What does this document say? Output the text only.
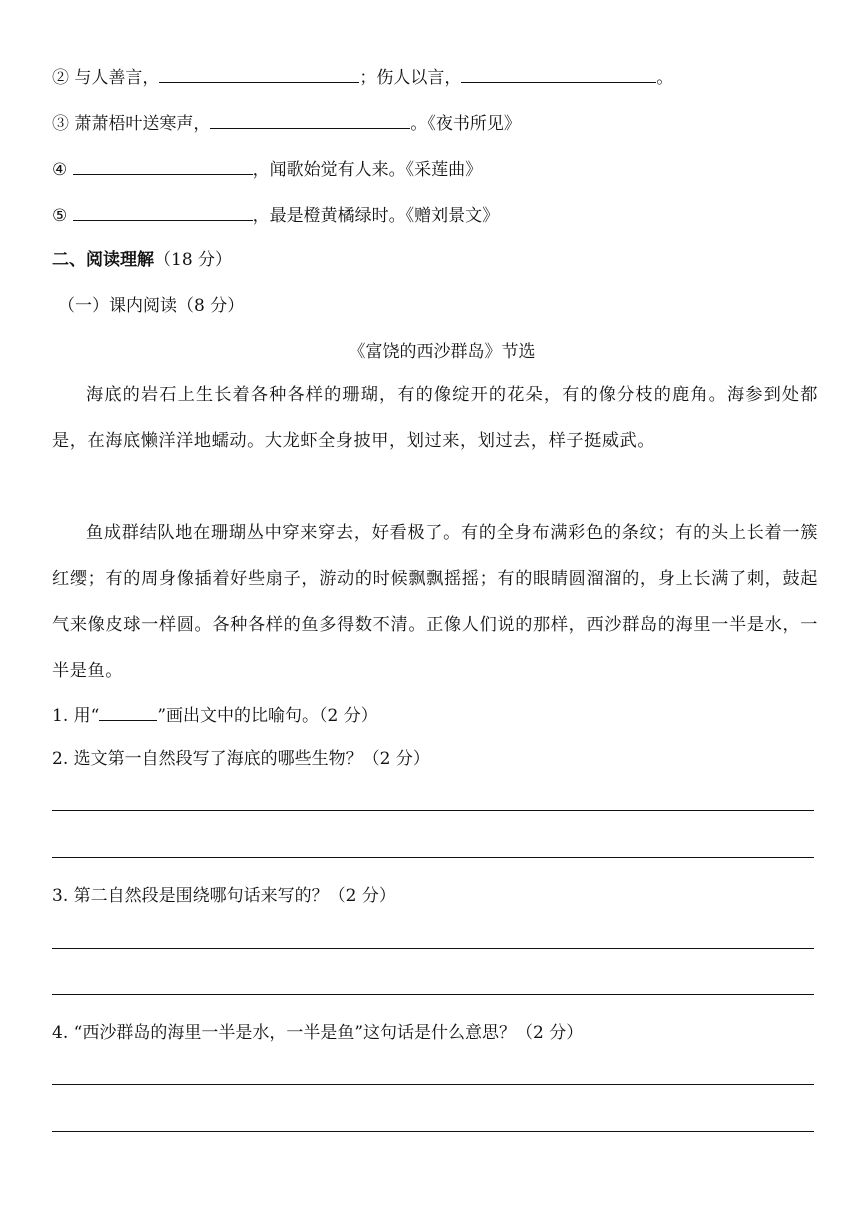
② 与人善言，	；伤人以言，	。
③ 萧萧梧叶送寒声，	。《夜书所见》
④	，闻歌始觉有人来。《采莲曲》
⑤	，最是橙黄橘绿时。《赠刘景文》
二、阅读理解（18 分）
（一）课内阅读（8 分）
《富饶的西沙群岛》节选
海底的岩石上生长着各种各样的珊瑚，有的像绽开的花朵，有的像分枝的鹿角。海参到处都是，在海底懒洋洋地蠕动。大龙虾全身披甲，划过来，划过去，样子挺威武。
鱼成群结队地在珊瑚丛中穿来穿去，好看极了。有的全身布满彩色的条纹；有的头上长着一簇红缨；有的周身像插着好些扇子，游动的时候飘飘摇摇；有的眼睛圆溜溜的，身上长满了刺，鼓起气来像皮球一样圆。各种各样的鱼多得数不清。正像人们说的那样，西沙群岛的海里一半是水，一半是鱼。
1. 用“	”画出文中的比喻句。（2 分）
2. 选文第一自然段写了海底的哪些生物？（2 分）
3. 第二自然段是围绕哪句话来写的？（2 分）
4. “西沙群岛的海里一半是水，一半是鱼”这句话是什么意思？（2 分）
